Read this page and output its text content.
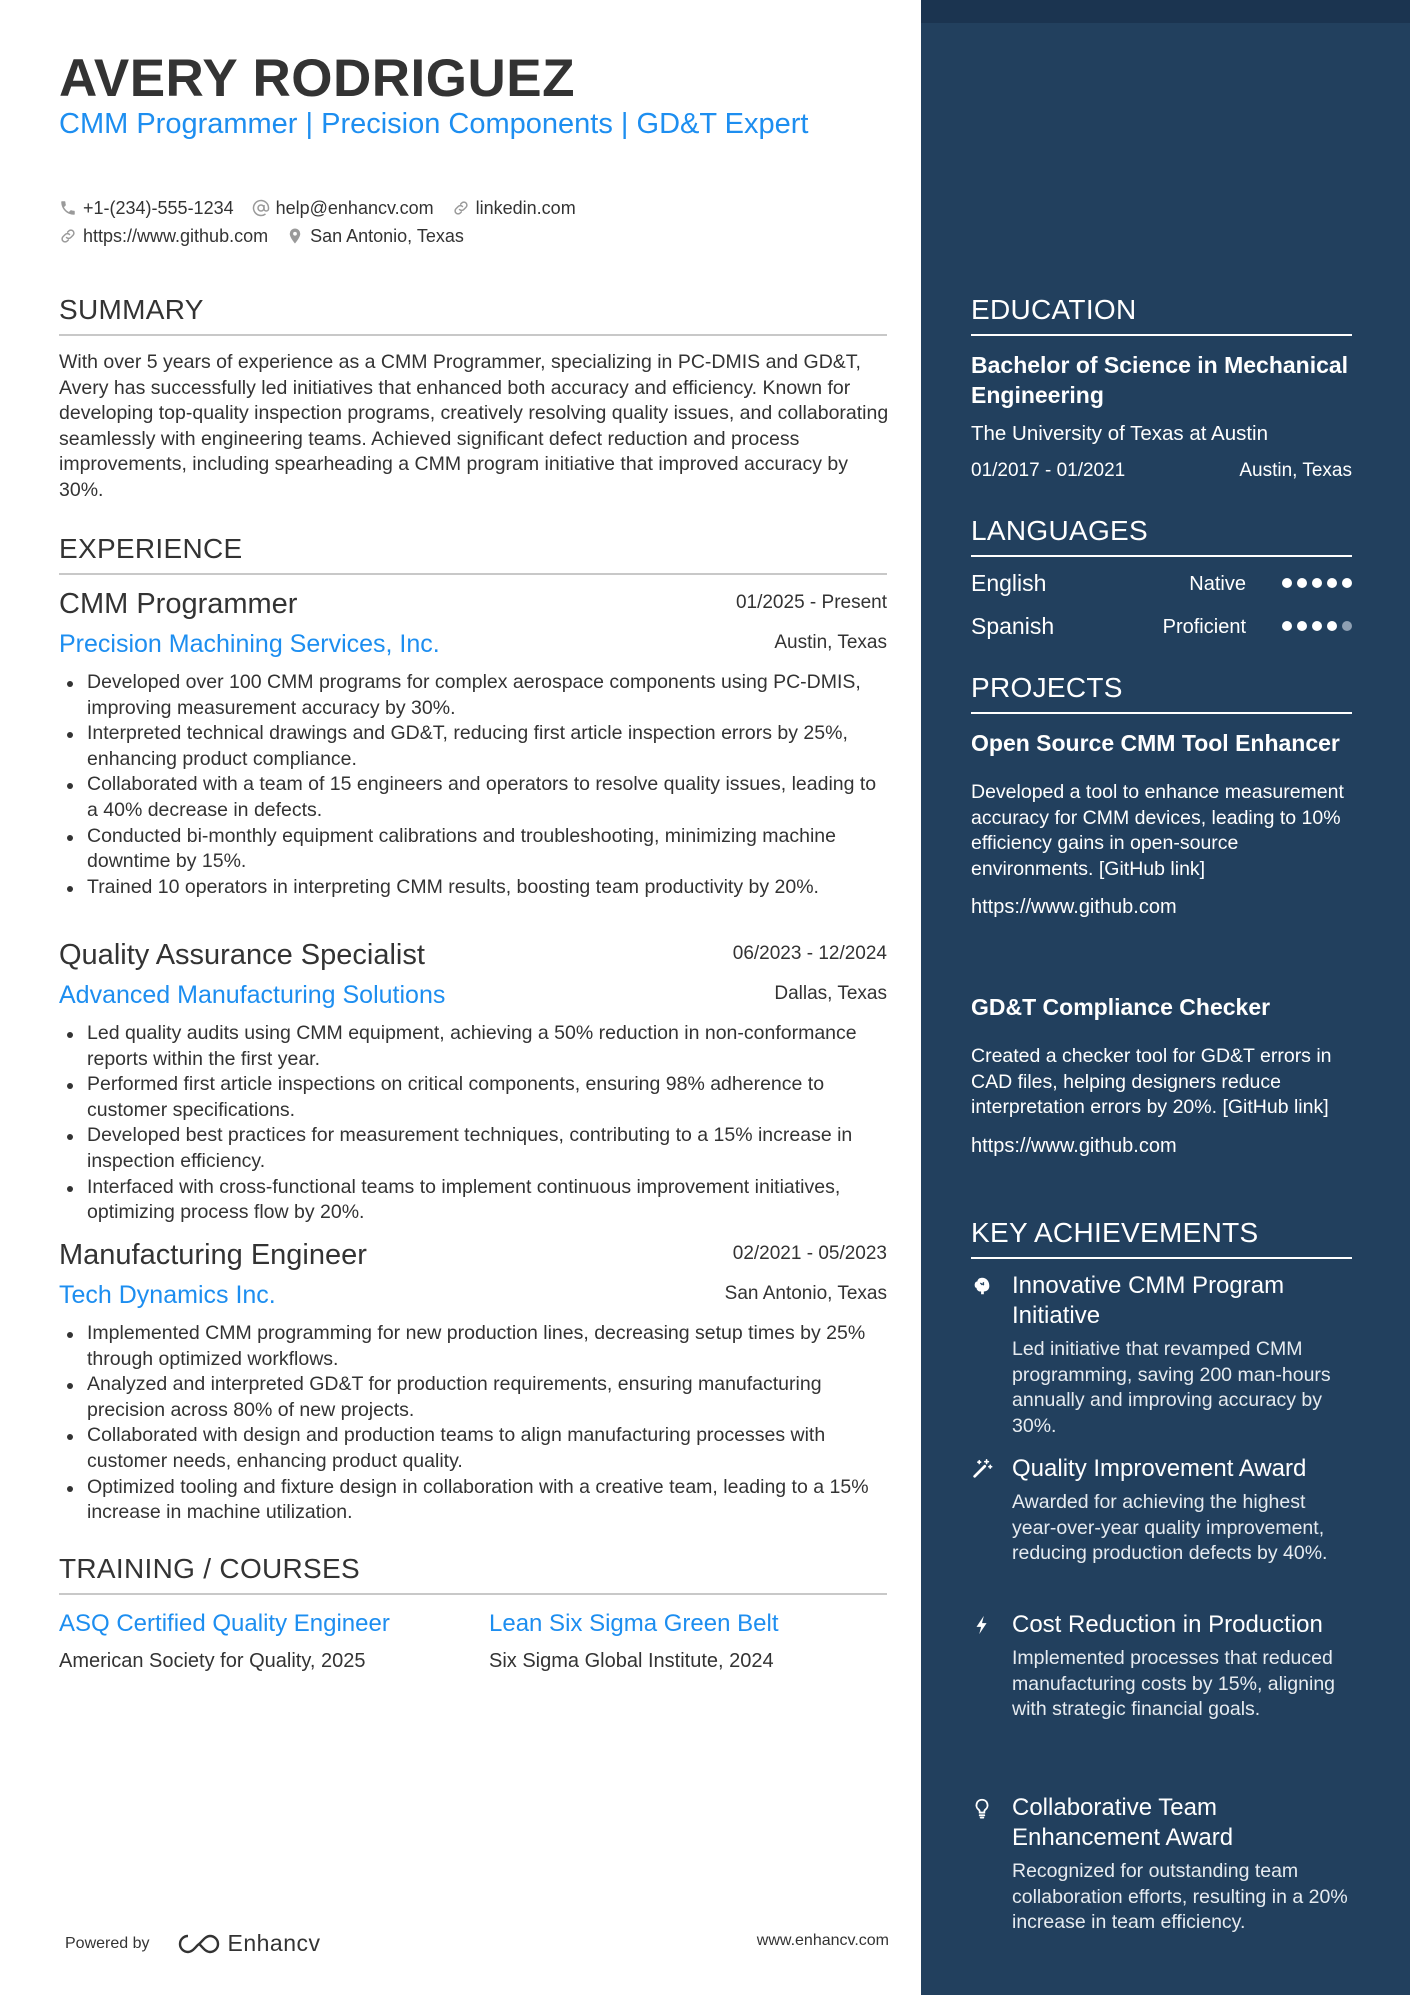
AVERY RODRIGUEZ
CMM Programmer | Precision Components | GD&T Expert
+1-(234)-555-1234 help@enhancv.com linkedin.com
https://www.github.com San Antonio, Texas
SUMMARY
With over 5 years of experience as a CMM Programmer, specializing in PC-DMIS and GD&T, Avery has successfully led initiatives that enhanced both accuracy and efficiency. Known for developing top-quality inspection programs, creatively resolving quality issues, and collaborating seamlessly with engineering teams. Achieved significant defect reduction and process improvements, including spearheading a CMM program initiative that improved accuracy by 30%.
EXPERIENCE
CMM Programmer	01/2025 - Present
Precision Machining Services, Inc.	Austin, Texas
Developed over 100 CMM programs for complex aerospace components using PC-DMIS, improving measurement accuracy by 30%.
Interpreted technical drawings and GD&T, reducing first article inspection errors by 25%, enhancing product compliance.
Collaborated with a team of 15 engineers and operators to resolve quality issues, leading to a 40% decrease in defects.
Conducted bi-monthly equipment calibrations and troubleshooting, minimizing machine downtime by 15%.
Trained 10 operators in interpreting CMM results, boosting team productivity by 20%.
Quality Assurance Specialist	06/2023 - 12/2024
Advanced Manufacturing Solutions	Dallas, Texas
Led quality audits using CMM equipment, achieving a 50% reduction in non-conformance reports within the first year.
Performed first article inspections on critical components, ensuring 98% adherence to customer specifications.
Developed best practices for measurement techniques, contributing to a 15% increase in inspection efficiency.
Interfaced with cross-functional teams to implement continuous improvement initiatives, optimizing process flow by 20%.
Manufacturing Engineer	02/2021 - 05/2023
Tech Dynamics Inc.	San Antonio, Texas
Implemented CMM programming for new production lines, decreasing setup times by 25% through optimized workflows.
Analyzed and interpreted GD&T for production requirements, ensuring manufacturing precision across 80% of new projects.
Collaborated with design and production teams to align manufacturing processes with customer needs, enhancing product quality.
Optimized tooling and fixture design in collaboration with a creative team, leading to a 15% increase in machine utilization.
TRAINING / COURSES
ASQ Certified Quality Engineer
American Society for Quality, 2025
Lean Six Sigma Green Belt
Six Sigma Global Institute, 2024
Powered by	Enhancv	www.enhancv.com
EDUCATION
Bachelor of Science in Mechanical Engineering
The University of Texas at Austin
01/2017 - 01/2021	Austin, Texas
LANGUAGES
English	Native
Spanish	Proficient
PROJECTS
Open Source CMM Tool Enhancer
Developed a tool to enhance measurement accuracy for CMM devices, leading to 10% efficiency gains in open-source environments. [GitHub link]
https://www.github.com
GD&T Compliance Checker
Created a checker tool for GD&T errors in CAD files, helping designers reduce interpretation errors by 20%. [GitHub link]
https://www.github.com
KEY ACHIEVEMENTS
Innovative CMM Program Initiative
Led initiative that revamped CMM programming, saving 200 man-hours annually and improving accuracy by 30%.
Quality Improvement Award
Awarded for achieving the highest year-over-year quality improvement, reducing production defects by 40%.
Cost Reduction in Production
Implemented processes that reduced manufacturing costs by 15%, aligning with strategic financial goals.
Collaborative Team Enhancement Award
Recognized for outstanding team collaboration efforts, resulting in a 20% increase in team efficiency.
